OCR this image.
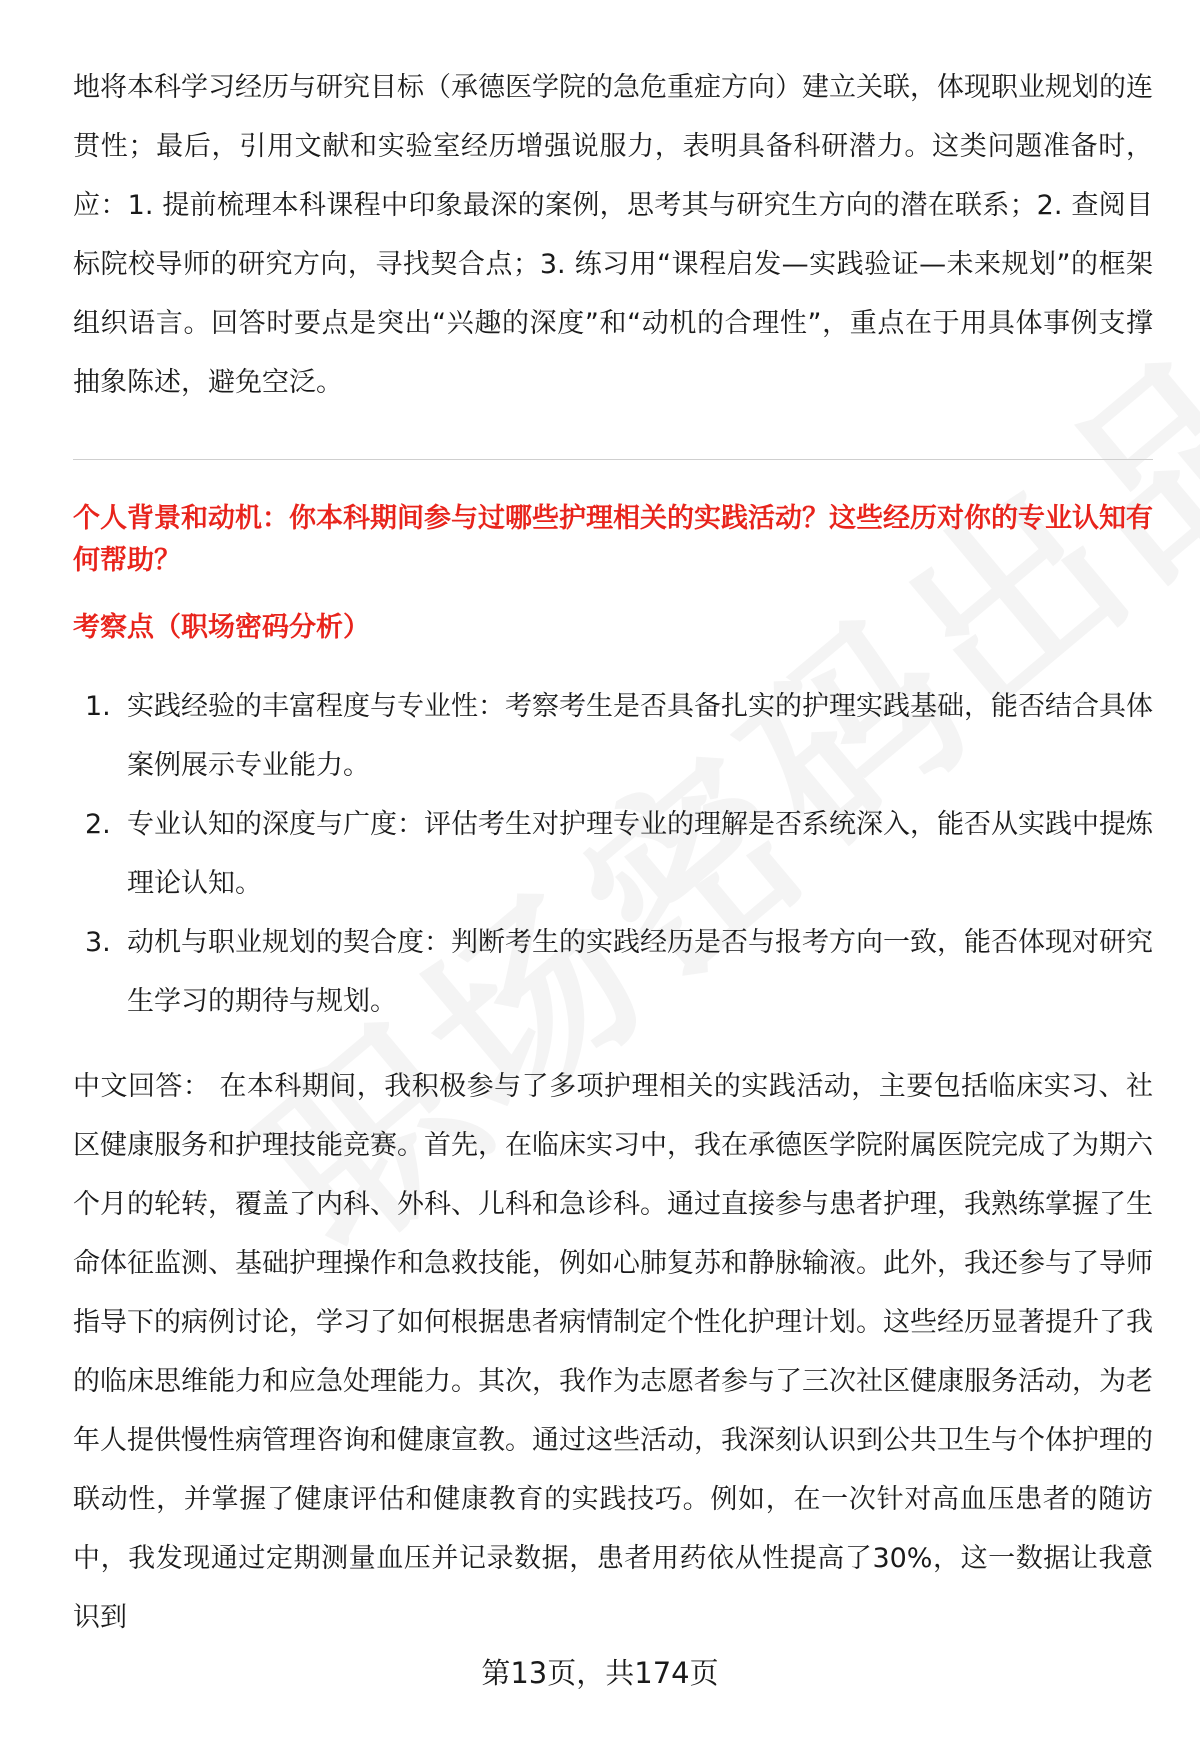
地将本科学习经历与研究目标（承德医学院的急危重症方向）建立关联，体现职业规划的连贯性；最后，引用文献和实验室经历增强说服力，表明具备科研潜力。这类问题准备时，应：1. 提前梳理本科课程中印象最深的案例，思考其与研究生方向的潜在联系；2. 查阅目标院校导师的研究方向，寻找契合点；3. 练习用“课程启发—实践验证—未来规划”的框架组织语言。回答时要点是突出“兴趣的深度”和“动机的合理性”，重点在于用具体事例支撑抽象陈述，避免空泛。

个人背景和动机：你本科期间参与过哪些护理相关的实践活动？这些经历对你的专业认知有何帮助？

考察点（职场密码分析）

1. 实践经验的丰富程度与专业性：考察考生是否具备扎实的护理实践基础，能否结合具体案例展示专业能力。
2. 专业认知的深度与广度：评估考生对护理专业的理解是否系统深入，能否从实践中提炼理论认知。
3. 动机与职业规划的契合度：判断考生的实践经历是否与报考方向一致，能否体现对研究生学习的期待与规划。

中文回答： 在本科期间，我积极参与了多项护理相关的实践活动，主要包括临床实习、社区健康服务和护理技能竞赛。首先，在临床实习中，我在承德医学院附属医院完成了为期六个月的轮转，覆盖了内科、外科、儿科和急诊科。通过直接参与患者护理，我熟练掌握了生命体征监测、基础护理操作和急救技能，例如心肺复苏和静脉输液。此外，我还参与了导师指导下的病例讨论，学习了如何根据患者病情制定个性化护理计划。这些经历显著提升了我的临床思维能力和应急处理能力。其次，我作为志愿者参与了三次社区健康服务活动，为老年人提供慢性病管理咨询和健康宣教。通过这些活动，我深刻认识到公共卫生与个体护理的联动性，并掌握了健康评估和健康教育的实践技巧。例如，在一次针对高血压患者的随访中，我发现通过定期测量血压并记录数据，患者用药依从性提高了30%，这一数据让我意识到

第13页，共174页
